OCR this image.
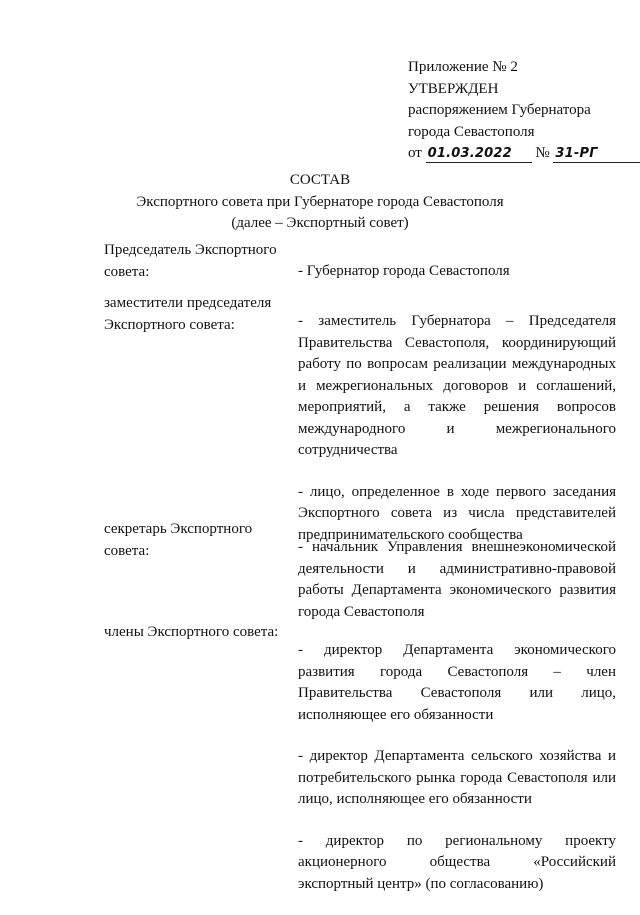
Приложение № 2
УТВЕРЖДЕН
распоряжением Губернатора
города Севастополя
от 01.03.2022 № 31-РГ
СОСТАВ
Экспортного совета при Губернаторе города Севастополя
(далее – Экспортный совет)
Председатель Экспортного совета:	- Губернатор города Севастополя
заместители председателя Экспортного совета:	- заместитель Губернатора – Председателя Правительства Севастополя, координирующий работу по вопросам реализации международных и межрегиональных договоров и соглашений, мероприятий, а также решения вопросов международного и межрегионального сотрудничества
- лицо, определенное в ходе первого заседания Экспортного совета из числа представителей предпринимательского сообщества
секретарь Экспортного совета:	- начальник Управления внешнеэкономической деятельности и административно-правовой работы Департамента экономического развития города Севастополя
члены Экспортного совета:
- директор Департамента экономического развития города Севастополя – член Правительства Севастополя или лицо, исполняющее его обязанности
- директор Департамента сельского хозяйства и потребительского рынка города Севастополя или лицо, исполняющее его обязанности
- директор по региональному проекту акционерного общества «Российский экспортный центр» (по согласованию)
